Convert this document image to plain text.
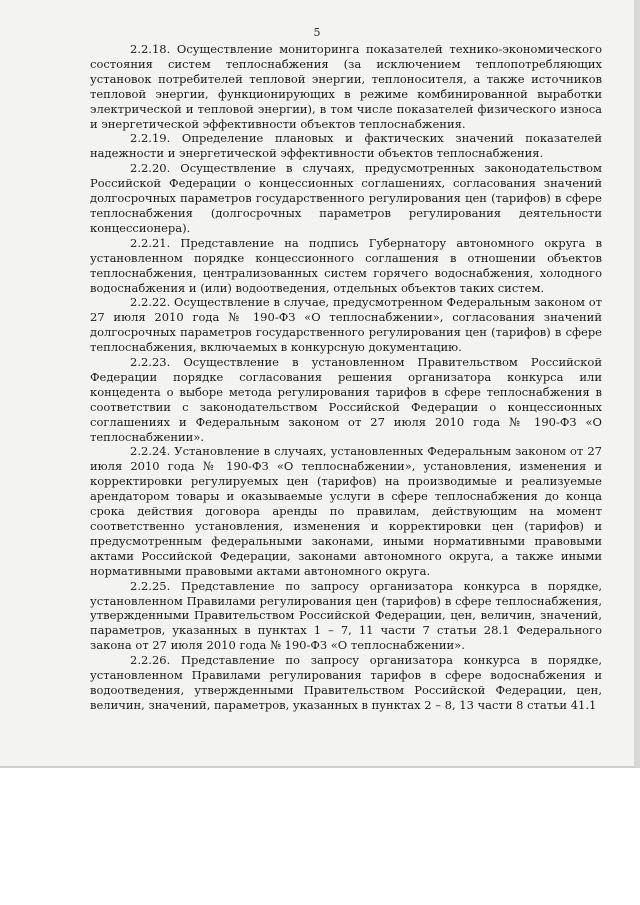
5

2.2.18. Осуществление мониторинга показателей технико-экономического состояния систем теплоснабжения (за исключением теплопотребляющих установок потребителей тепловой энергии, теплоносителя, а также источников тепловой энергии, функционирующих в режиме комбинированной выработки электрической и тепловой энергии), в том числе показателей физического износа и энергетической эффективности объектов теплоснабжения.

2.2.19. Определение плановых и фактических значений показателей надежности и энергетической эффективности объектов теплоснабжения.

2.2.20. Осуществление в случаях, предусмотренных законодательством Российской Федерации о концессионных соглашениях, согласования значений долгосрочных параметров государственного регулирования цен (тарифов) в сфере теплоснабжения (долгосрочных параметров регулирования деятельности концессионера).

2.2.21. Представление на подпись Губернатору автономного округа в установленном порядке концессионного соглашения в отношении объектов теплоснабжения, централизованных систем горячего водоснабжения, холодного водоснабжения и (или) водоотведения, отдельных объектов таких систем.

2.2.22. Осуществление в случае, предусмотренном Федеральным законом от 27 июля 2010 года № 190-ФЗ «О теплоснабжении», согласования значений долгосрочных параметров государственного регулирования цен (тарифов) в сфере теплоснабжения, включаемых в конкурсную документацию.

2.2.23. Осуществление в установленном Правительством Российской Федерации порядке согласования решения организатора конкурса или концедента о выборе метода регулирования тарифов в сфере теплоснабжения в соответствии с законодательством Российской Федерации о концессионных соглашениях и Федеральным законом от 27 июля 2010 года № 190-ФЗ «О теплоснабжении».

2.2.24. Установление в случаях, установленных Федеральным законом от 27 июля 2010 года № 190-ФЗ «О теплоснабжении», установления, изменения и корректировки регулируемых цен (тарифов) на производимые и реализуемые арендатором товары и оказываемые услуги в сфере теплоснабжения до конца срока действия договора аренды по правилам, действующим на момент соответственно установления, изменения и корректировки цен (тарифов) и предусмотренным федеральными законами, иными нормативными правовыми актами Российской Федерации, законами автономного округа, а также иными нормативными правовыми актами автономного округа.

2.2.25. Представление по запросу организатора конкурса в порядке, установленном Правилами регулирования цен (тарифов) в сфере теплоснабжения, утвержденными Правительством Российской Федерации, цен, величин, значений, параметров, указанных в пунктах 1 – 7, 11 части 7 статьи 28.1 Федерального закона от 27 июля 2010 года № 190-ФЗ «О теплоснабжении».

2.2.26. Представление по запросу организатора конкурса в порядке, установленном Правилами регулирования тарифов в сфере водоснабжения и водоотведения, утвержденными Правительством Российской Федерации, цен, величин, значений, параметров, указанных в пунктах 2 – 8, 13 части 8 статьи 41.1
